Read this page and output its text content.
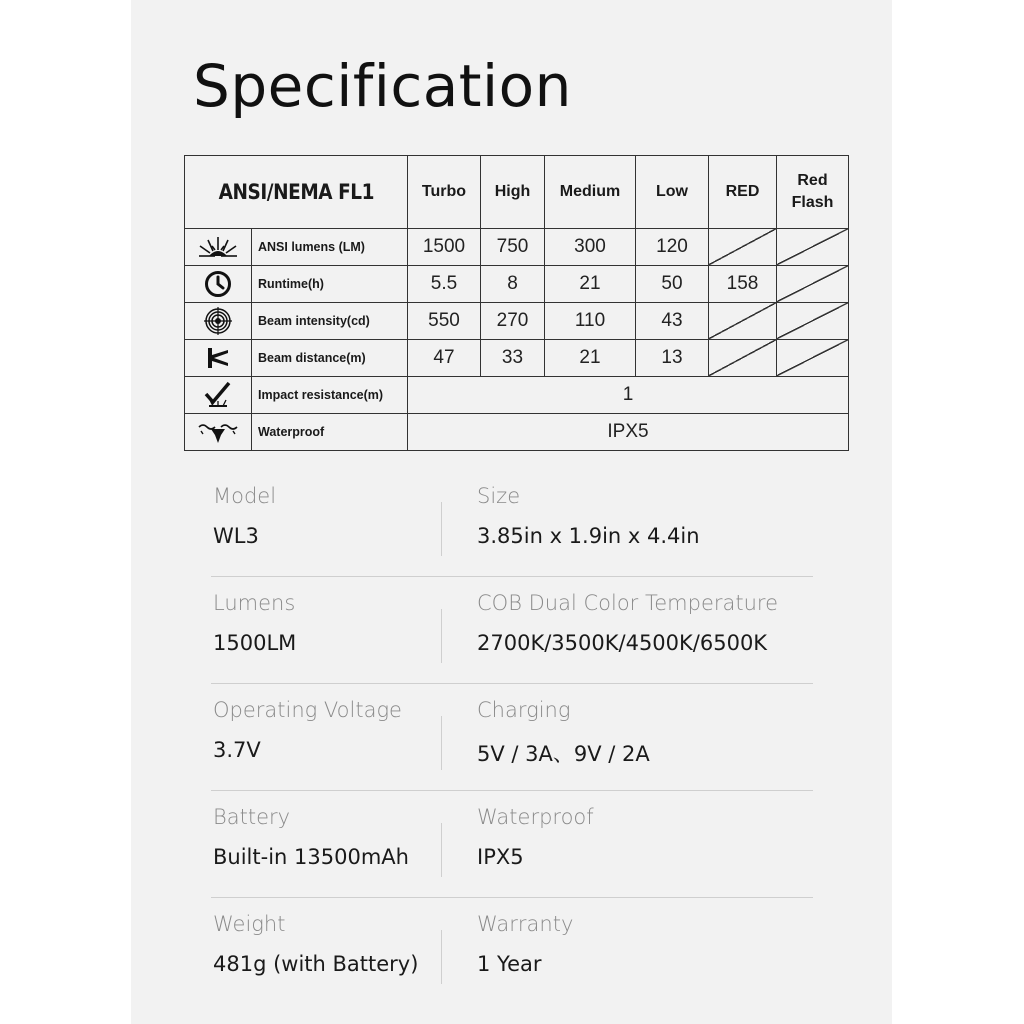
Specification
ANSI/NEMA FL1		Turbo	High	Medium	Low	RED	Red Flash

	ANSI lumens (LM)	1500	750	300	120		

	Runtime(h)	5.5	8	21	50	158	

	Beam intensity(cd)	550	270	110	43		

	Beam distance(m)	47	33	21	13		

	Impact resistance(m)	1					

	Waterproof	IPX5					
Model
WL3
Size
3.85in x 1.9in x 4.4in
Lumens
1500LM
COB Dual Color Temperature
2700K/3500K/4500K/6500K
Operating Voltage
3.7V
Charging
5V / 3A、9V / 2A
Battery
Built-in 13500mAh
Waterproof
IPX5
Weight
481g (with Battery)
Warranty
1 Year
